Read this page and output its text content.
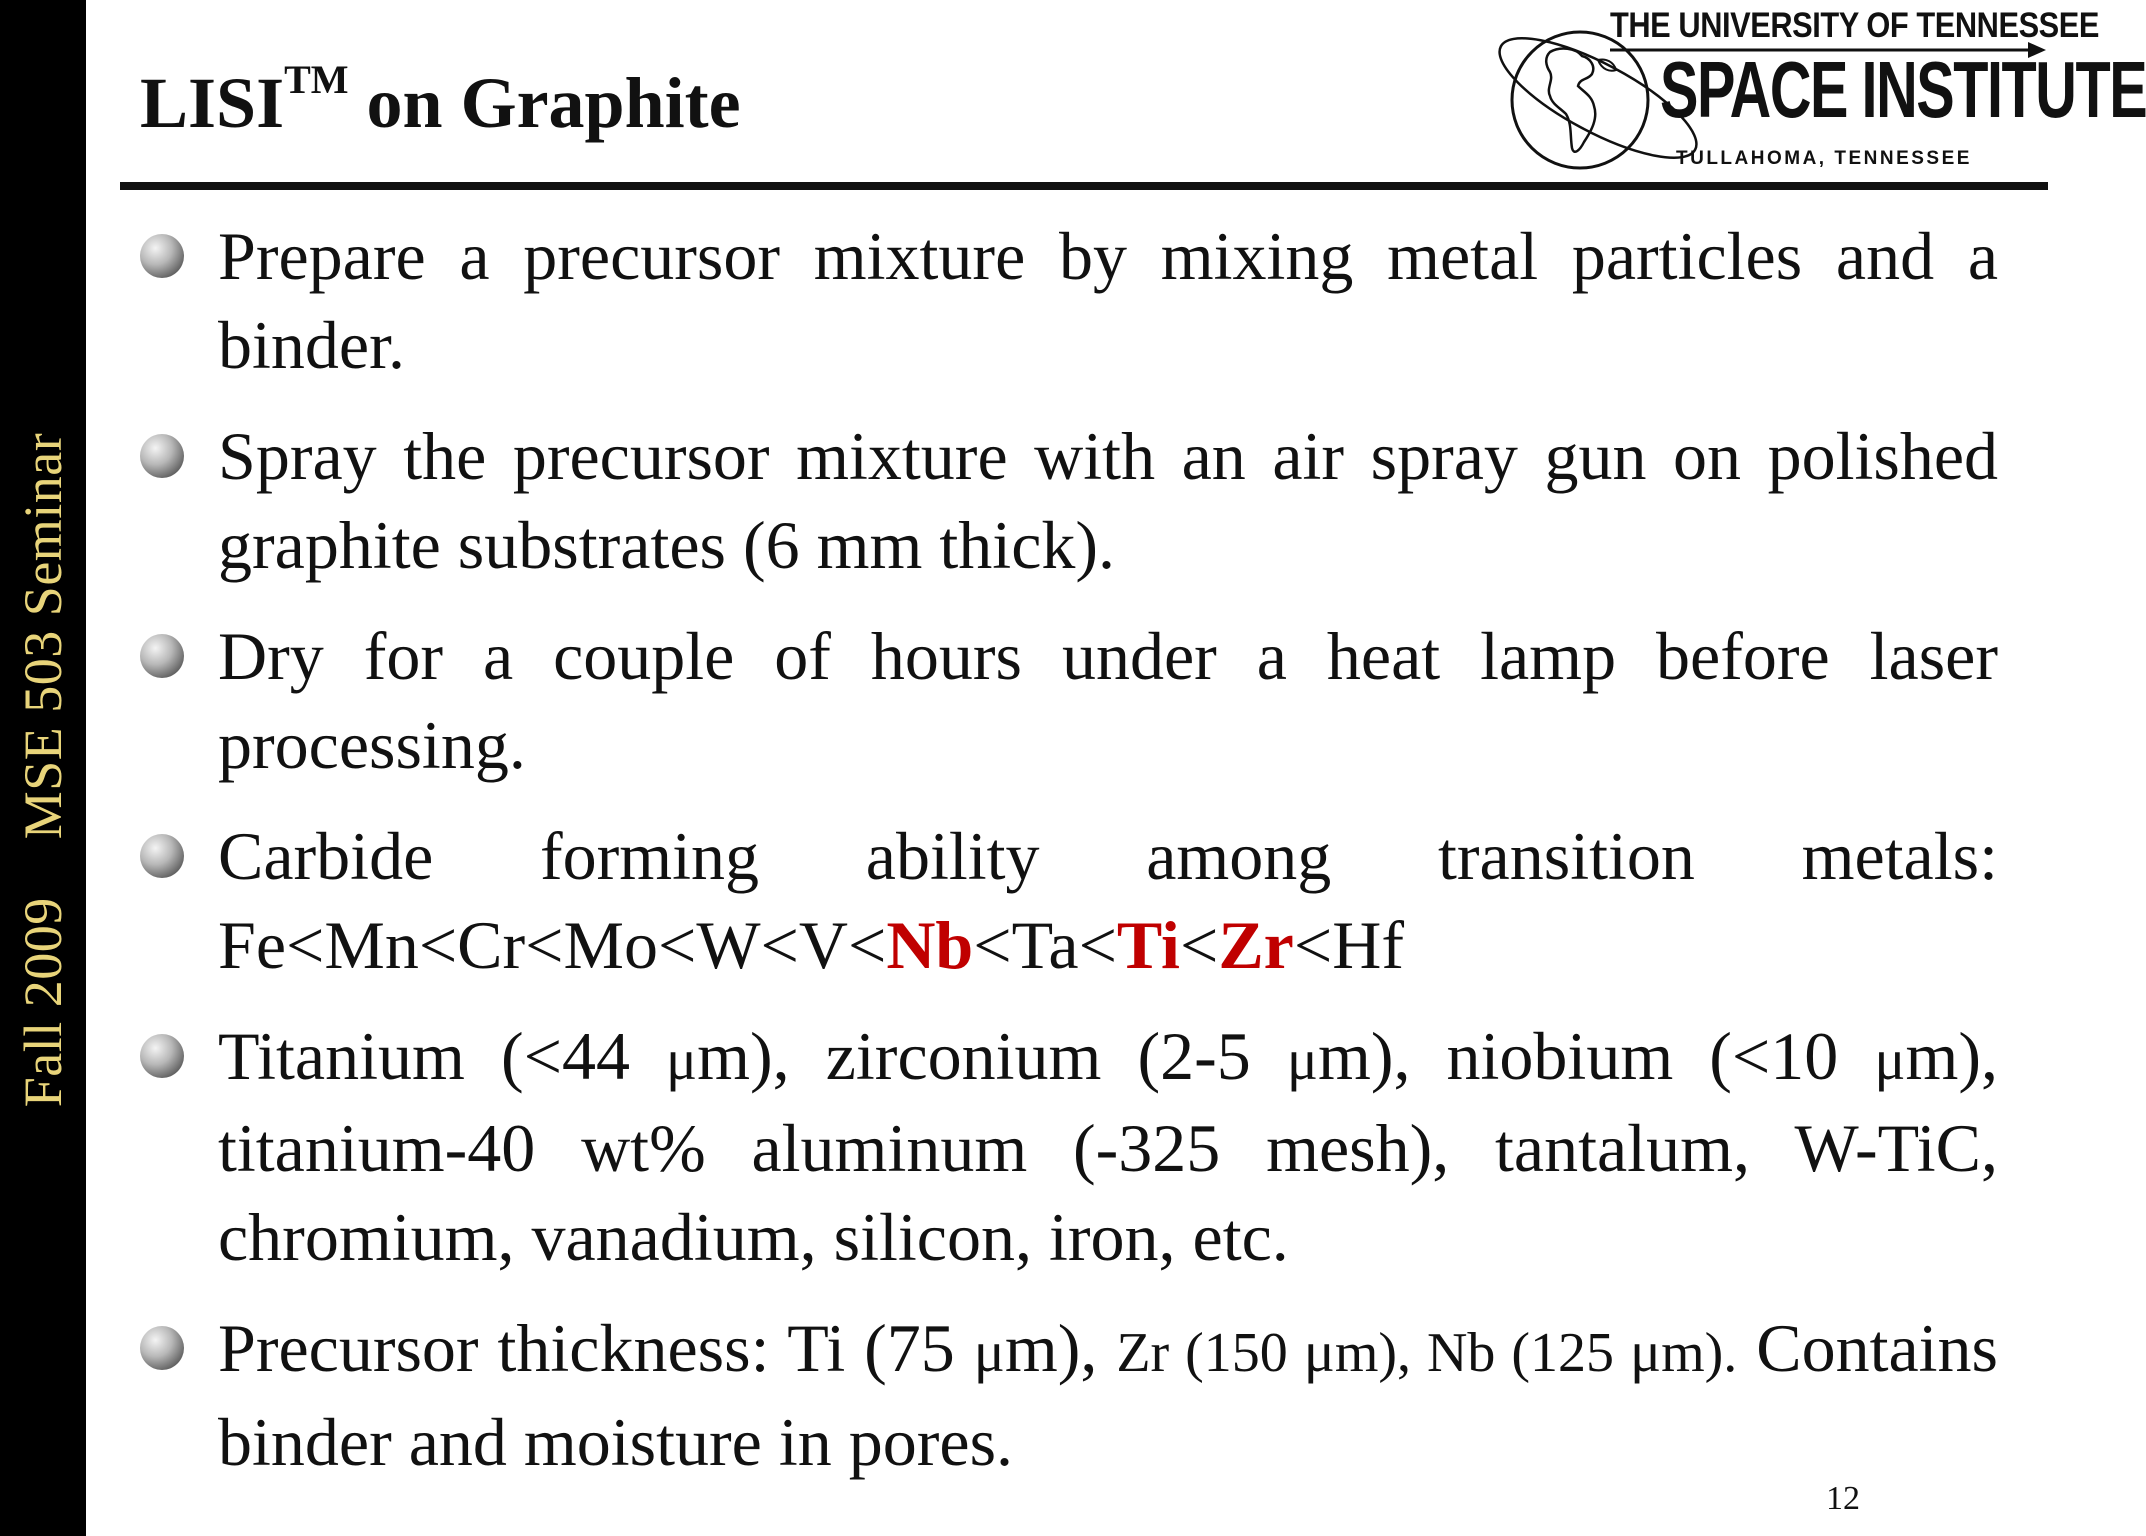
Fall 2009MSE 503 Seminar
LISI™ on Graphite
THE UNIVERSITY OF TENNESSEE
SPACE INSTITUTE
TULLAHOMA, TENNESSEE
Prepare a precursor mixture by mixing metal particles and a binder.
Spray the precursor mixture with an air spray gun on polished graphite substrates (6 mm thick).
Dry for a couple of hours under a heat lamp before laser processing.
Carbide forming ability among transition metals: Fe<Mn<Cr<Mo<W<V<Nb<Ta<Ti<Zr<Hf
Titanium (<44 μm), zirconium (2-5 μm), niobium (<10 μm), titanium-40 wt% aluminum (-325 mesh), tantalum, W-TiC, chromium, vanadium, silicon, iron, etc.
Precursor thickness: Ti (75 μm), Zr (150 μm), Nb (125 μm). Contains binder and moisture in pores.
12
